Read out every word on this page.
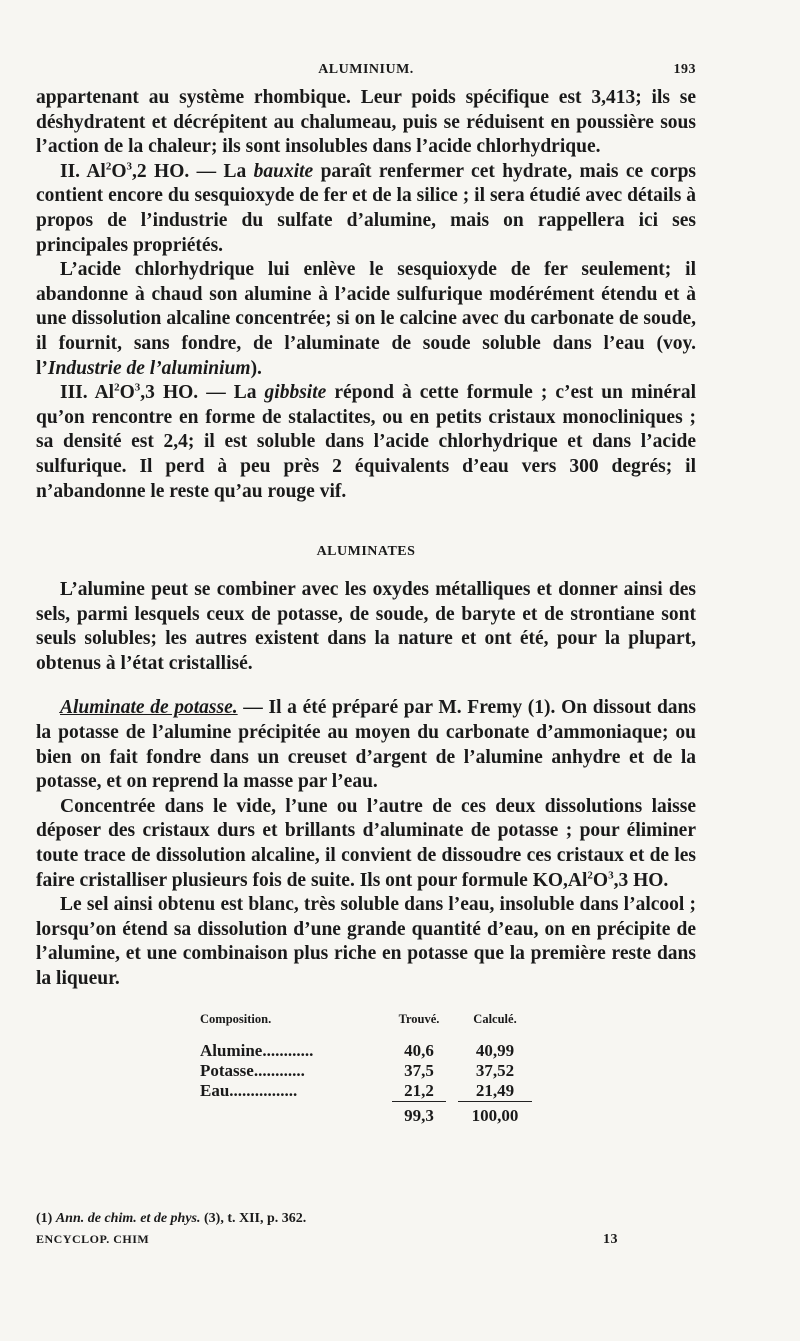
ALUMINIUM.	193

appartenant au système rhombique. Leur poids spécifique est 3,413; ils se déshydratent et décrépitent au chalumeau, puis se réduisent en poussière sous l’action de la chaleur; ils sont insolubles dans l’acide chlorhydrique.

II. $Al^2O^3,2$ HO. — La bauxite paraît renfermer cet hydrate, mais ce corps contient encore du sesquioxyde de fer et de la silice ; il sera étudié avec détails à propos de l’industrie du sulfate d’alumine, mais on rappellera ici ses principales propriétés.

L’acide chlorhydrique lui enlève le sesquioxyde de fer seulement; il abandonne à chaud son alumine à l’acide sulfurique modérément étendu et à une dissolution alcaline concentrée; si on le calcine avec du carbonate de soude, il fournit, sans fondre, de l’aluminate de soude soluble dans l’eau (voy. l’Industrie de l’aluminium).

III. $Al^2O^3,3$ HO. — La gibbsite répond à cette formule ; c’est un minéral qu’on rencontre en forme de stalactites, ou en petits cristaux monocliniques ; sa densité est 2,4; il est soluble dans l’acide chlorhydrique et dans l’acide sulfurique. Il perd à peu près 2 équivalents d’eau vers 300 degrés; il n’abandonne le reste qu’au rouge vif.

ALUMINATES

L’alumine peut se combiner avec les oxydes métalliques et donner ainsi des sels, parmi lesquels ceux de potasse, de soude, de baryte et de strontiane sont seuls solubles; les autres existent dans la nature et ont été, pour la plupart, obtenus à l’état cristallisé.

Aluminate de potasse. — Il a été préparé par M. Fremy (1). On dissout dans la potasse de l’alumine précipitée au moyen du carbonate d’ammoniaque; ou bien on fait fondre dans un creuset d’argent de l’alumine anhydre et de la potasse, et on reprend la masse par l’eau.

Concentrée dans le vide, l’une ou l’autre de ces deux dissolutions laisse déposer des cristaux durs et brillants d’aluminate de potasse ; pour éliminer toute trace de dissolution alcaline, il convient de dissoudre ces cristaux et de les faire cristalliser plusieurs fois de suite. Ils ont pour formule $KO,Al^2O^3,3$ HO.

Le sel ainsi obtenu est blanc, très soluble dans l’eau, insoluble dans l’alcool ; lorsqu’on étend sa dissolution d’une grande quantité d’eau, on en précipite de l’alumine, et une combinaison plus riche en potasse que la première reste dans la liqueur.

Composition.	Trouvé.	Calculé.
Alumine............	40,6	40,99
Potasse............	37,5	37,52
Eau................	21,2	21,49

	99,3	100,00
(1) Ann. de chim. et de phys. (3), t. XII, p. 362.
ENCYCLOP. CHIM	13
